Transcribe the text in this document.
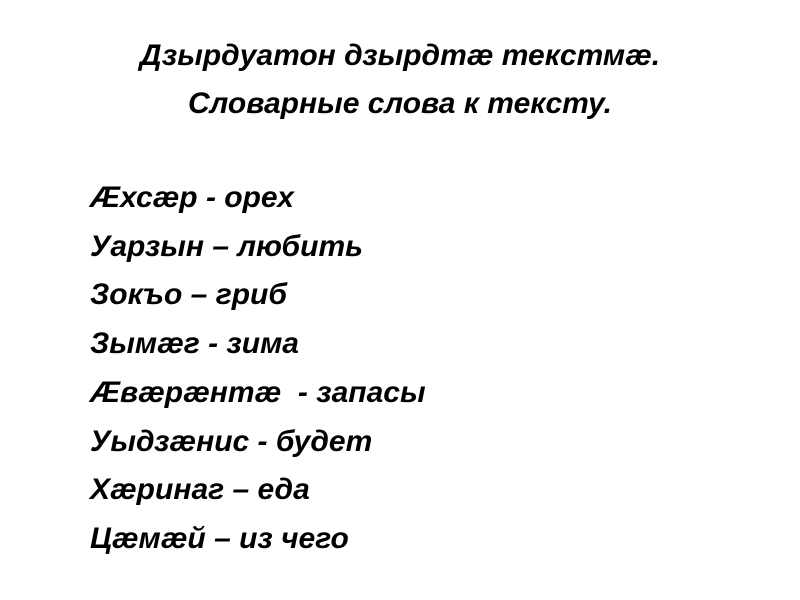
Дзырдуатон дзырдтæ текстмæ.
Словарные слова к тексту.
Æхсæр - орех
Уарзын – любить
Зокъо – гриб
Зымæг - зима
Æвæрæнтæ  - запасы
Уыдзæнис - будет
Хæринаг – еда
Цæмæй – из чего
